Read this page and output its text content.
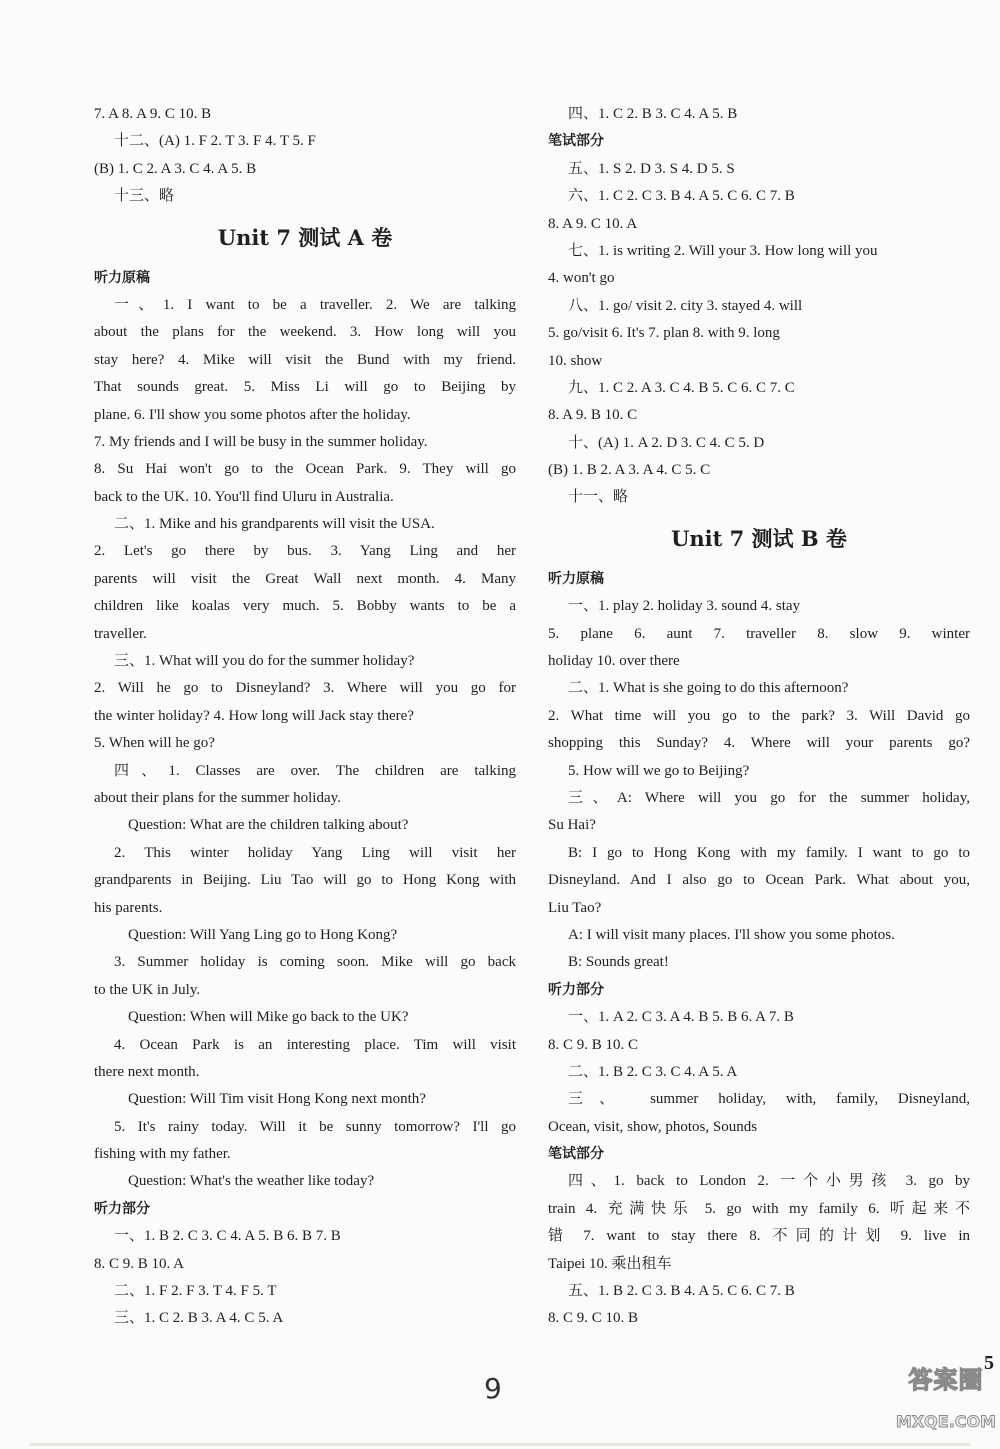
7. A 8. A 9. C 10. B
十二、(A) 1. F 2. T 3. F 4. T 5. F
(B) 1. C 2. A 3. C 4. A 5. B
十三、略
Unit 7 测试 A 卷
听力原稿
一、1. I want to be a traveller. 2. We are talking
about the plans for the weekend. 3. How long will you
stay here? 4. Mike will visit the Bund with my friend.
That sounds great. 5. Miss Li will go to Beijing by
plane. 6. I'll show you some photos after the holiday.
7. My friends and I will be busy in the summer holiday.
8. Su Hai won't go to the Ocean Park. 9. They will go
back to the UK. 10. You'll find Uluru in Australia.
二、1. Mike and his grandparents will visit the USA.
2. Let's go there by bus. 3. Yang Ling and her
parents will visit the Great Wall next month. 4. Many
children like koalas very much. 5. Bobby wants to be a
traveller.
三、1. What will you do for the summer holiday?
2. Will he go to Disneyland? 3. Where will you go for
the winter holiday? 4. How long will Jack stay there?
5. When will he go?
四、1. Classes are over. The children are talking
about their plans for the summer holiday.
Question: What are the children talking about?
2. This winter holiday Yang Ling will visit her
grandparents in Beijing. Liu Tao will go to Hong Kong with
his parents.
Question: Will Yang Ling go to Hong Kong?
3. Summer holiday is coming soon. Mike will go back
to the UK in July.
Question: When will Mike go back to the UK?
4. Ocean Park is an interesting place. Tim will visit
there next month.
Question: Will Tim visit Hong Kong next month?
5. It's rainy today. Will it be sunny tomorrow? I'll go
fishing with my father.
Question: What's the weather like today?
听力部分
一、1. B 2. C 3. C 4. A 5. B 6. B 7. B
8. C 9. B 10. A
二、1. F 2. F 3. T 4. F 5. T
三、1. C 2. B 3. A 4. C 5. A
四、1. C 2. B 3. C 4. A 5. B
笔试部分
五、1. S 2. D 3. S 4. D 5. S
六、1. C 2. C 3. B 4. A 5. C 6. C 7. B
8. A 9. C 10. A
七、1. is writing 2. Will your 3. How long will you
4. won't go
八、1. go/ visit 2. city 3. stayed 4. will
5. go/visit 6. It's 7. plan 8. with 9. long
10. show
九、1. C 2. A 3. C 4. B 5. C 6. C 7. C
8. A 9. B 10. C
十、(A) 1. A 2. D 3. C 4. C 5. D
(B) 1. B 2. A 3. A 4. C 5. C
十一、略
Unit 7 测试 B 卷
听力原稿
一、1. play 2. holiday 3. sound 4. stay
5. plane 6. aunt 7. traveller 8. slow 9. winter
holiday 10. over there
二、1. What is she going to do this afternoon?
2. What time will you go to the park? 3. Will David go
shopping this Sunday? 4. Where will your parents go?
5. How will we go to Beijing?
三、A: Where will you go for the summer holiday,
Su Hai?
B: I go to Hong Kong with my family. I want to go to
Disneyland. And I also go to Ocean Park. What about you,
Liu Tao?
A: I will visit many places. I'll show you some photos.
B: Sounds great!
听力部分
一、1. A 2. C 3. A 4. B 5. B 6. A 7. B
8. C 9. B 10. C
二、1. B 2. C 3. C 4. A 5. A
三、 summer holiday, with, family, Disneyland,
Ocean, visit, show, photos, Sounds
笔试部分
四、1. back to London 2. 一个小男孩 3. go by
train 4. 充满快乐 5. go with my family 6. 听起来不
错 7. want to stay there 8. 不同的计划 9. live in
Taipei 10. 乘出租车
五、1. B 2. C 3. B 4. A 5. C 6. C 7. B
8. C 9. C 10. B
5
9	答案圈
MXQE.COM
